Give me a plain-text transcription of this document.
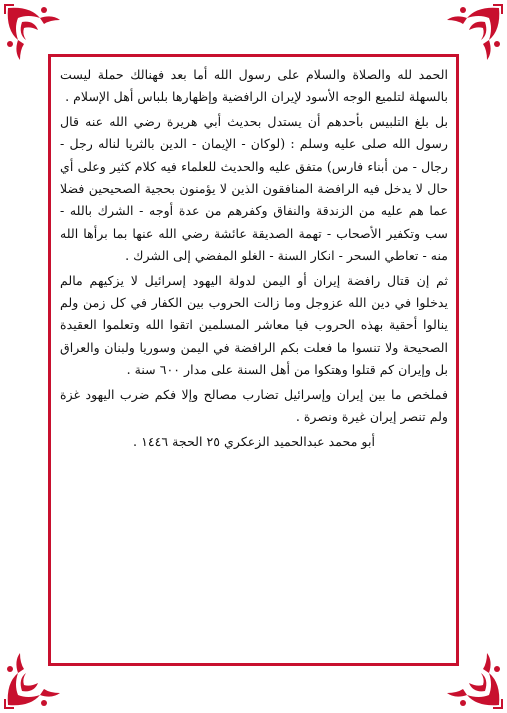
الحمد لله والصلاة والسلام على رسول الله أما بعد فهنالك حملة ليست بالسهلة لتلميع الوجه الأسود لإيران الرافضية وإظهارها بلباس أهل الإسلام .

بل بلغ التلبيس بأحدهم أن يستدل بحديث أبي هريرة رضي الله عنه قال رسول الله صلى عليه وسلم : (لوكان - الإيمان - الدين بالثريا لناله رجل - رجال - من أبناء فارس) متفق عليه والحديث للعلماء فيه كلام كثير وعلى أي حال لا يدخل فيه الرافضة المنافقون الذين لا يؤمنون بحجية الصحيحين فضلا عما هم عليه من الزندقة والنفاق وكفرهم من عدة أوجه - الشرك بالله - سب وتكفير الأصحاب - تهمة الصديقة عائشة رضي الله عنها بما برأها الله منه - تعاطي السحر - انكار السنة - الغلو المفضي إلى الشرك .

ثم إن قتال رافضة إيران أو اليمن لدولة اليهود إسرائيل لا يزكيهم مالم يدخلوا في دين الله عزوجل وما زالت الحروب بين الكفار في كل زمن ولم ينالوا أحقية بهذه الحروب فيا معاشر المسلمين اتقوا الله وتعلموا العقيدة الصحيحة ولا تنسوا ما فعلت بكم الرافضة في اليمن وسوريا ولبنان والعراق بل وإيران كم قتلوا وهتكوا من أهل السنة على مدار ٦٠٠ سنة .

فملخص ما بين إيران وإسرائيل تضارب مصالح وإلا فكم ضرب اليهود غزة ولم تنصر إيران غيرة ونصرة .

أبو محمد عبدالحميد الزعكري ٢٥ الحجة ١٤٤٦ .
